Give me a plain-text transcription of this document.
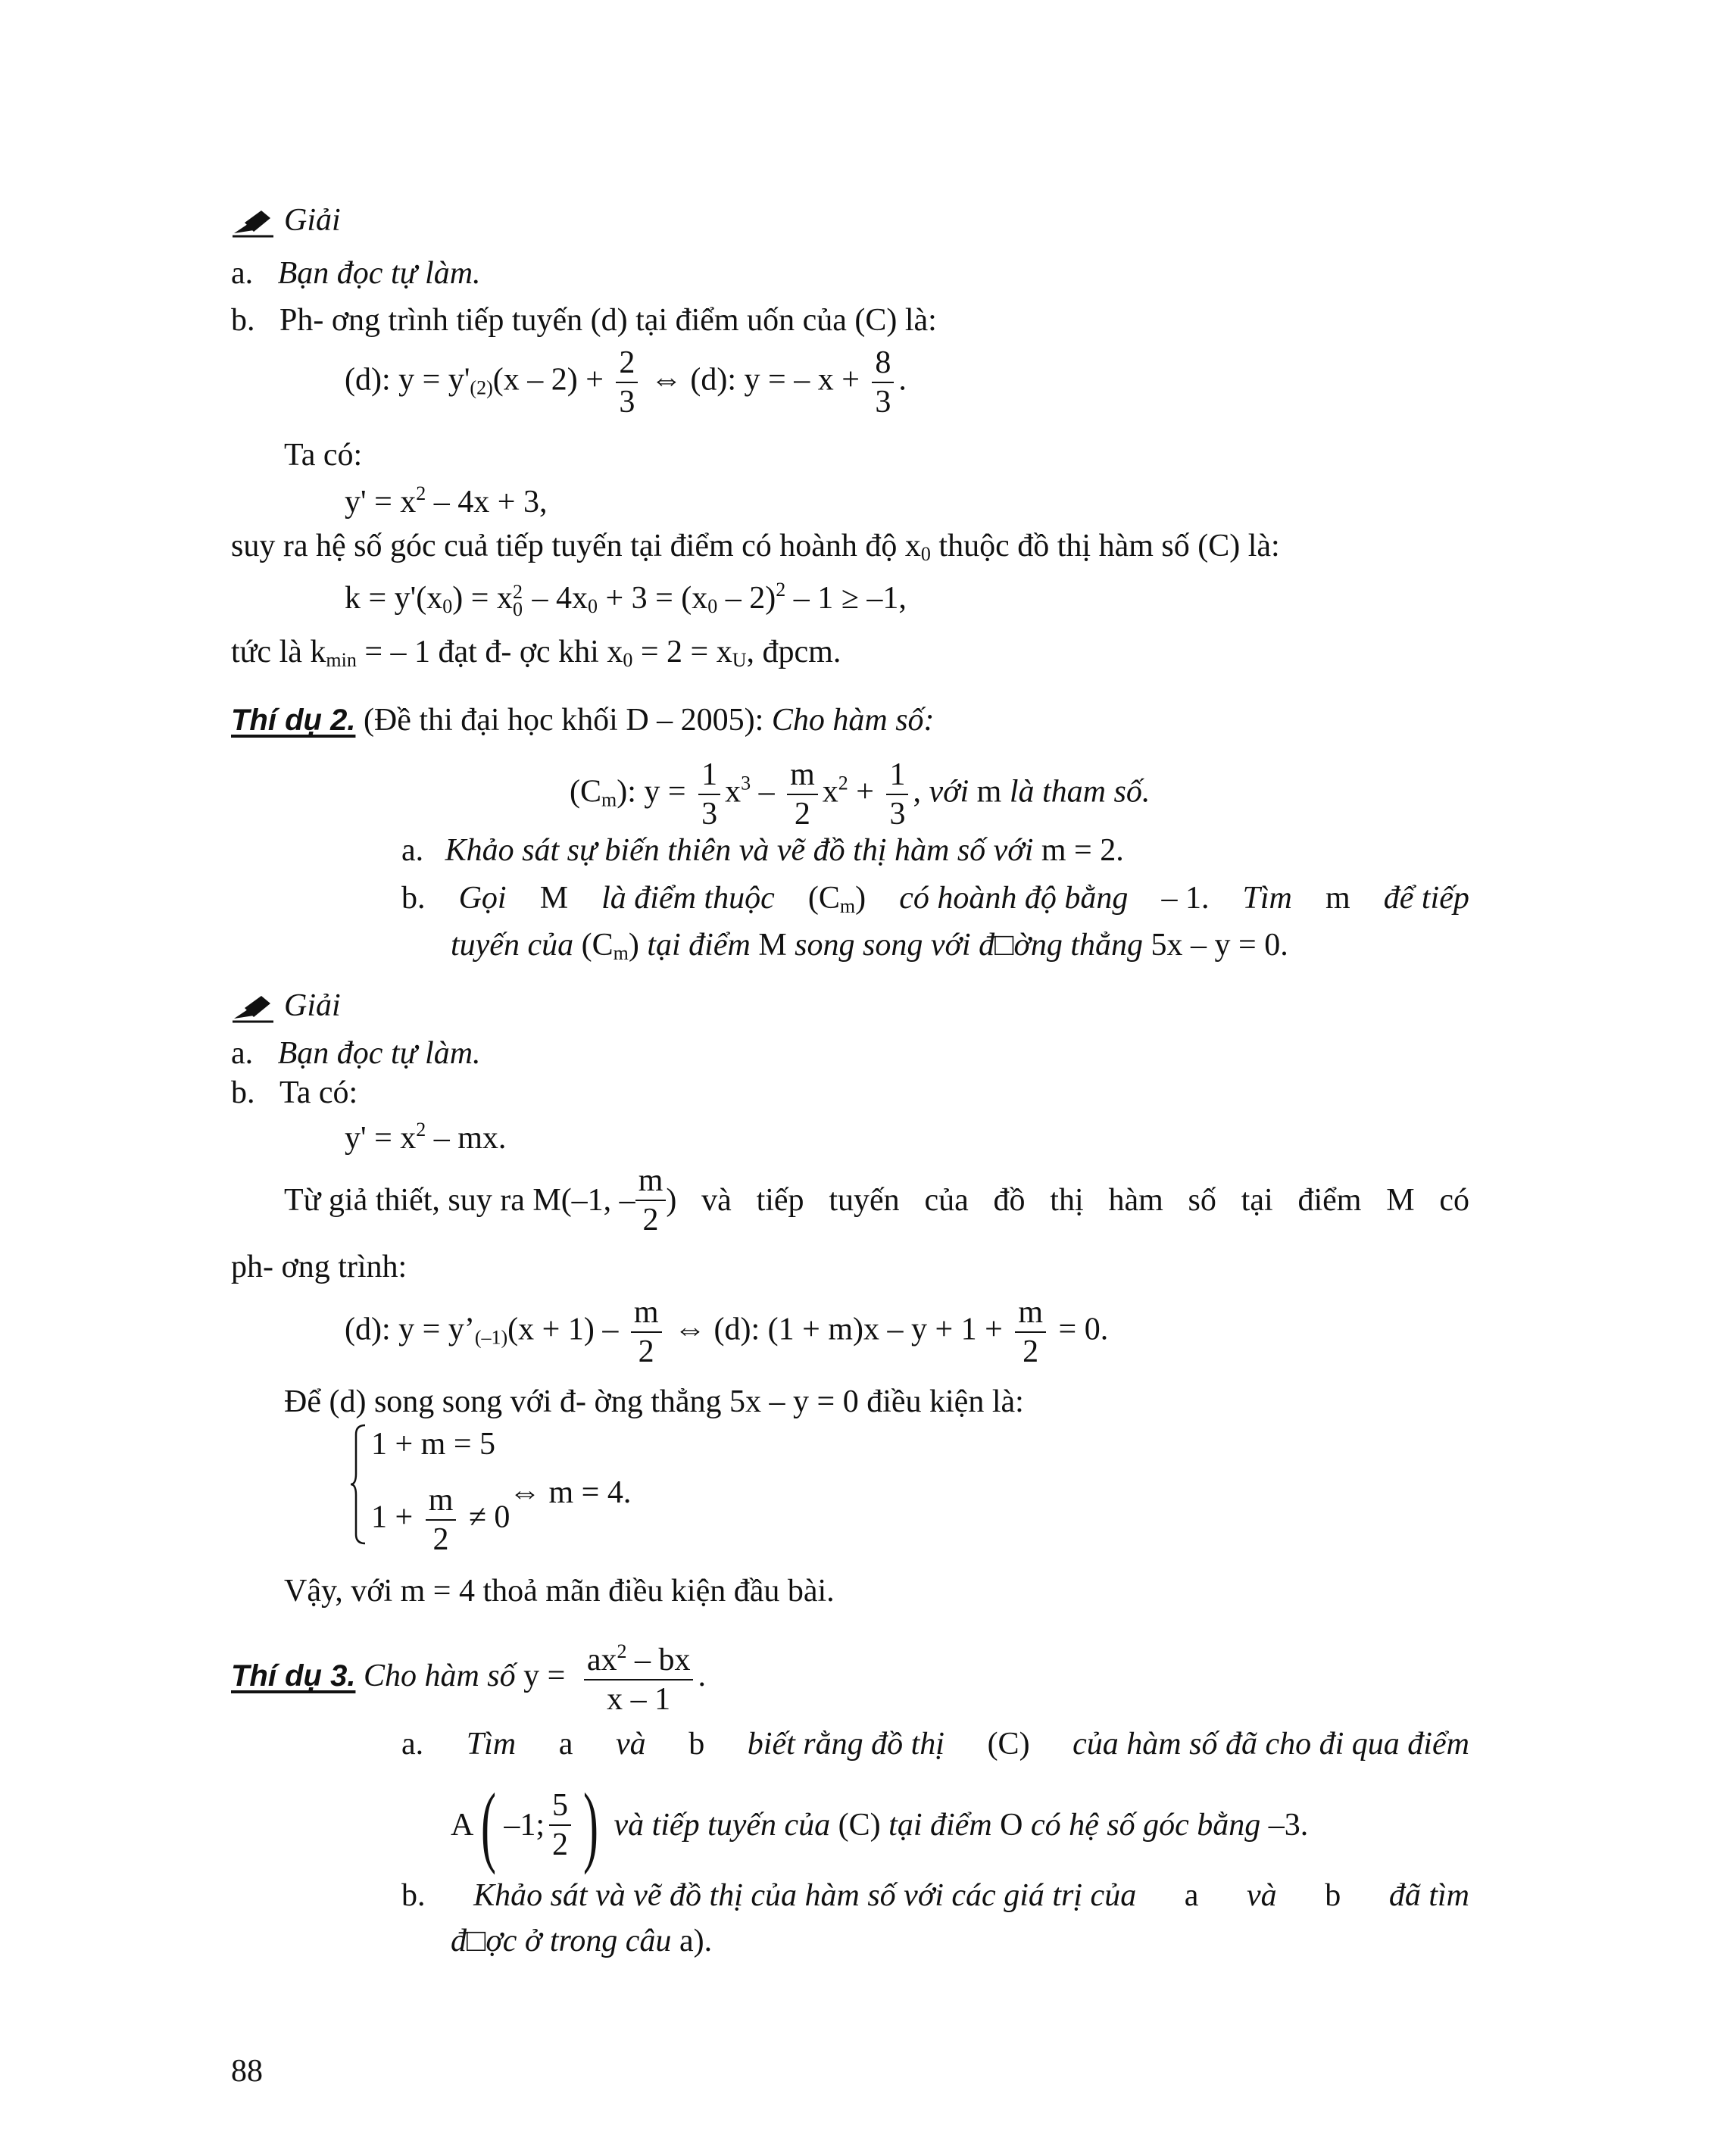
Giải
a. Bạn đọc tự làm.
b. Ph- ơng trình tiếp tuyến (d) tại điểm uốn của (C) là:
(d): $y = y'_{(2)}(x - 2) + \frac{2}{3}$ ⇔ (d): y = – $x + \frac{8}{3}$ .
Ta có:
$y' = x^2 - 4x + 3$,
suy ra hệ số góc cuả tiếp tuyến tại điểm có hoành độ $x_0$ thuộc đồ thị hàm số (C) là:
$k = y'(x_0) = x$ 2
$0 - 4x_0 + 3 = (x_0 - 2)^2 - 1 \ge -1$,
tức là $k_{min}$ = – 1 đạt đ- ợc khi $x_0 = 2 = x_U$, đpcm.
Thí dụ 2. (Đề thi đại học khối D – 2005): Cho hàm số:
$(C_m)$: $y = \frac{1}{3} x^3 - \frac{m}{2} x^2 + \frac{1}{3}$ , với m là tham số.
a. Khảo sát sự biến thiên và vẽ đồ thị hàm số với m = 2.
b. Gọi M là điểm thuộc $(C_m)$ có hoành độ bằng – 1. Tìm m để tiếp
tuyến của $(C_m)$ tại điểm M song song với đ□ờng thẳng 5x – y = 0.
Giải
a. Bạn đọc tự làm.
b. Ta có:
$y' = x^2$ – mx.
Từ giả thiết, suy ra M(–1, – $\frac{m}{2}$ ) và tiếp tuyến của đồ thị hàm số tại điểm M có
ph- ơng trình:
(d): $y = y’_{(-1)}(x + 1) - \frac{m}{2}$ ⇔ (d): $(1 + m)x - y + 1 + \frac{m}{2} = 0$.
Để (d) song song với đ- ờng thẳng 5x – y = 0 điều kiện là:
1 + m = 5
$1 + \frac{m}{2} \ne 0$
⇔ m = 4.
Vậy, với m = 4 thoả mãn điều kiện đầu bài.
Thí dụ 3. Cho hàm số $y = \frac{ax^2 - bx}{x - 1}$ .
a. Tìm a và b biết rằng đồ thị (C) của hàm số đã cho đi qua điểm
A ( –1; $\frac{5}{2}$ ) và tiếp tuyến của (C) tại điểm O có hệ số góc bằng –3.
b. Khảo sát và vẽ đồ thị của hàm số với các giá trị của a và b đã tìm
đ□ợc ở trong câu a).
88
